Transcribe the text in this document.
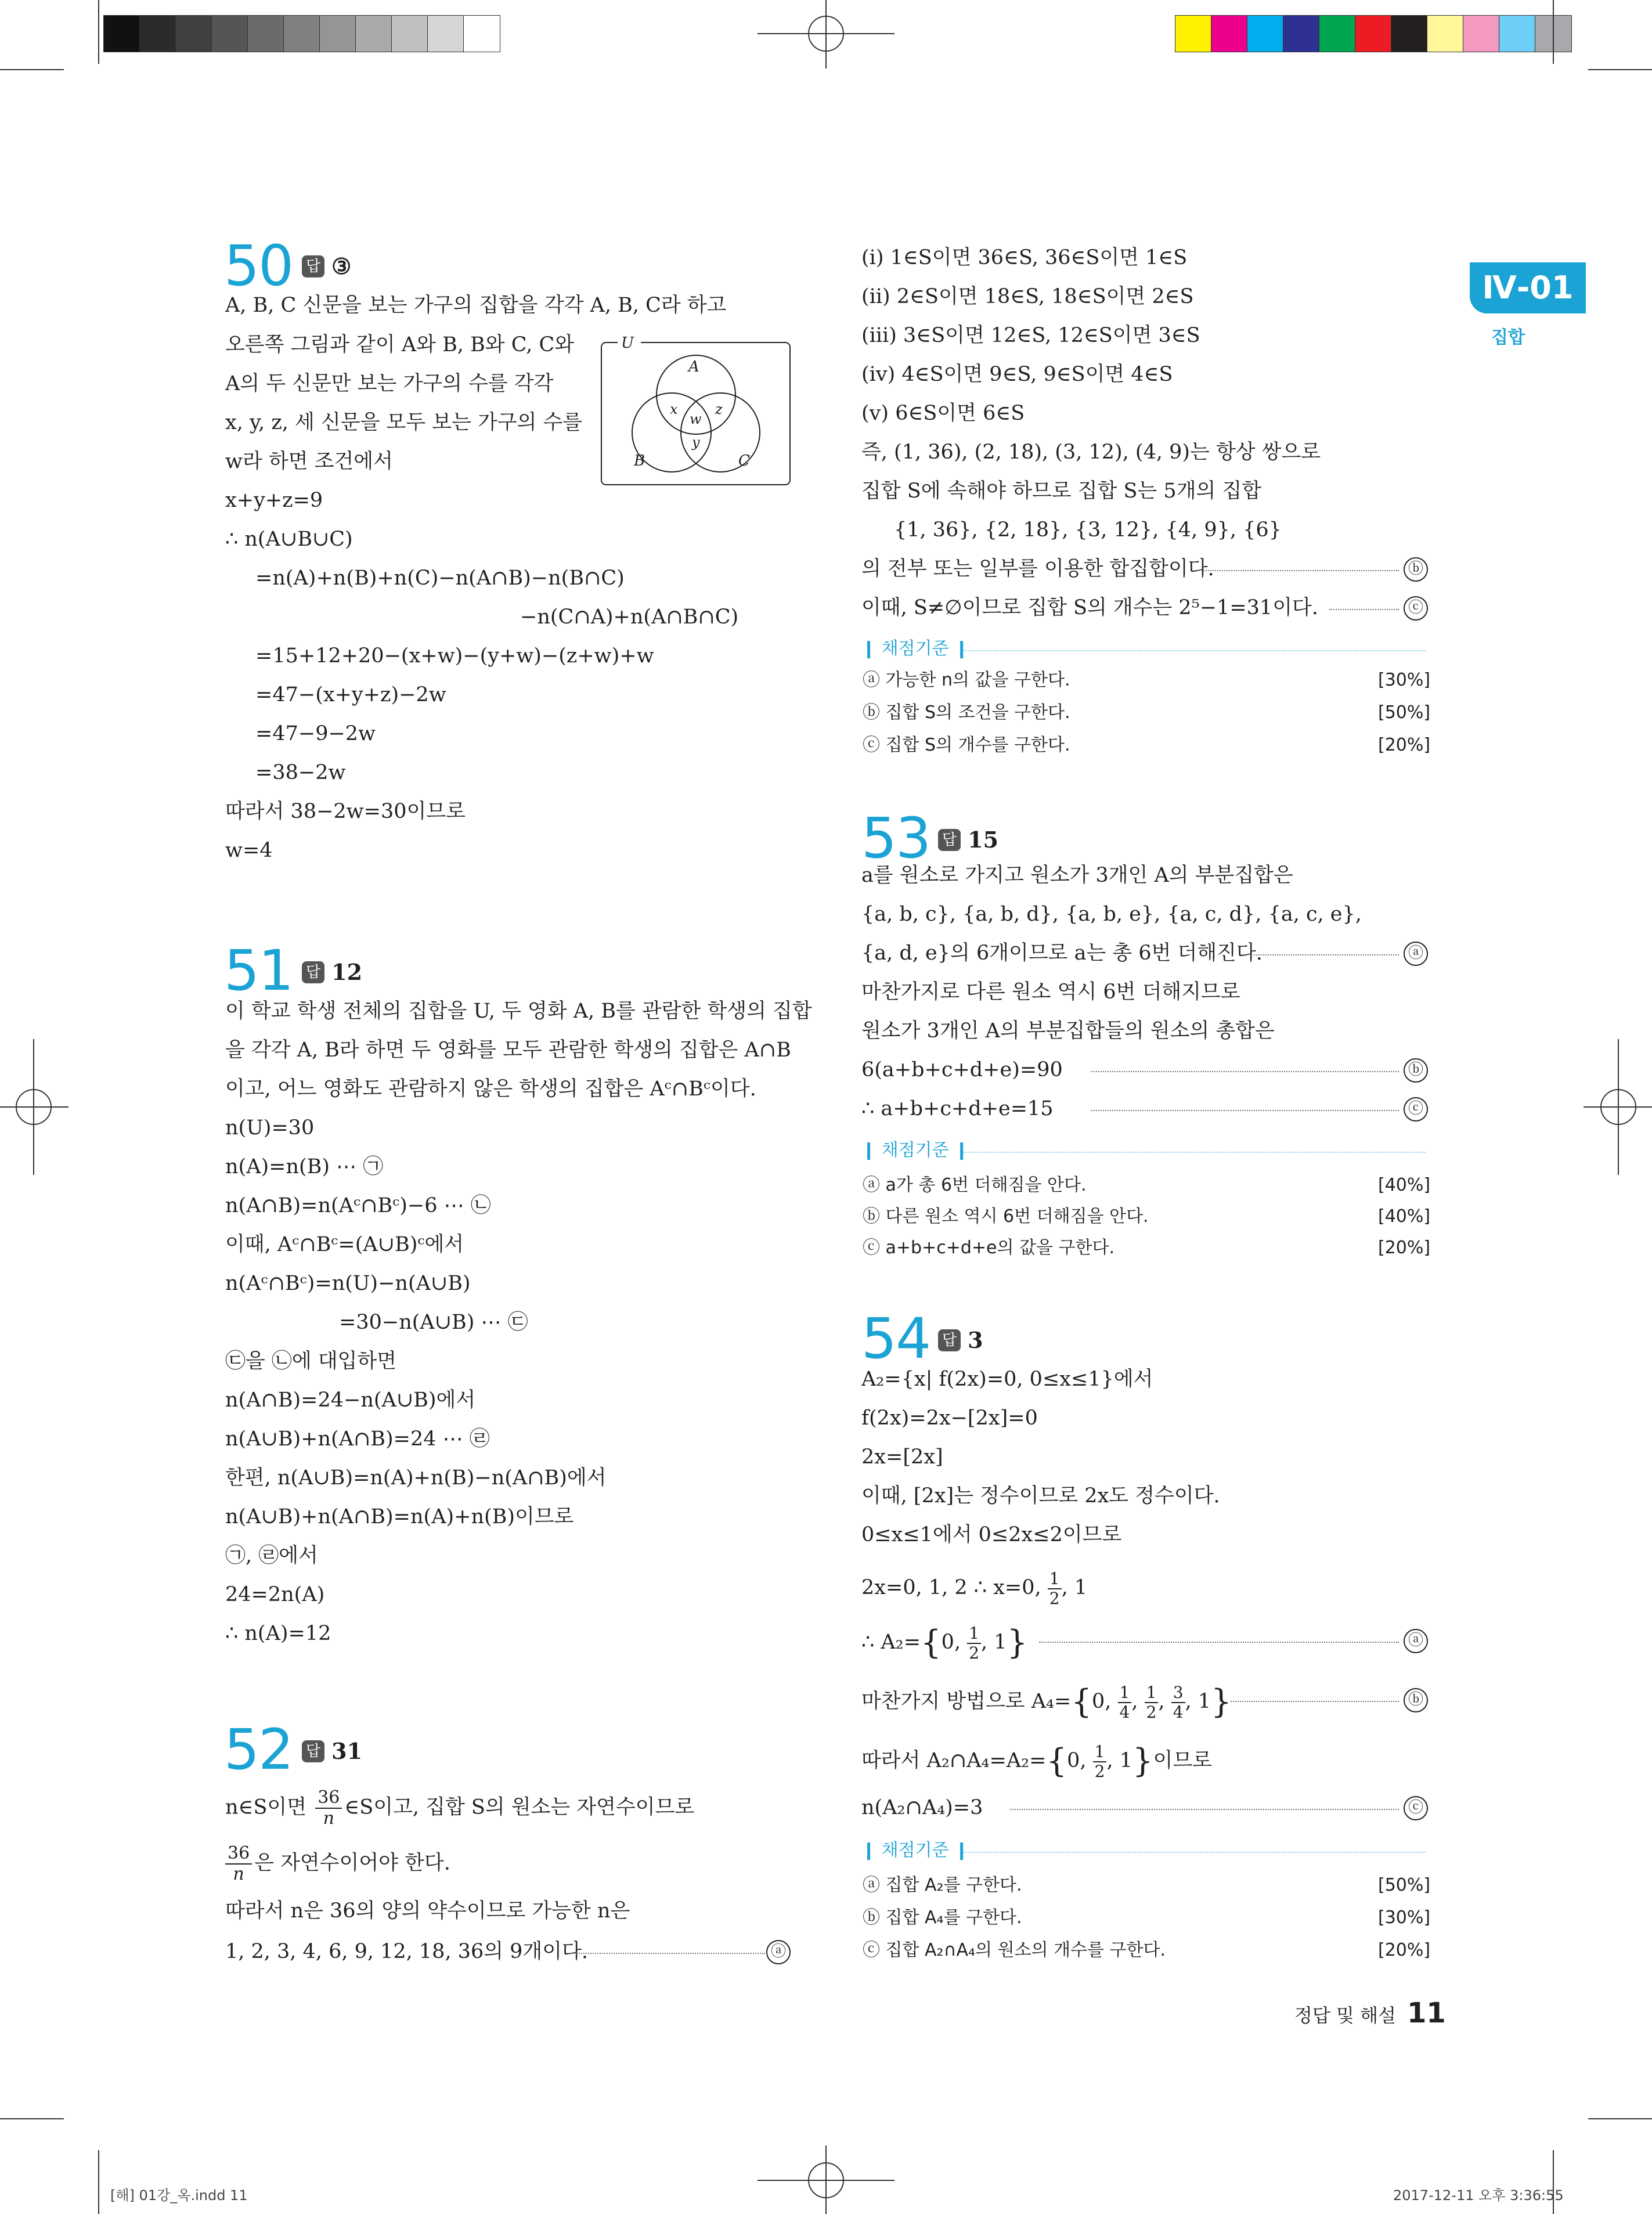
Ⅳ-01
집합
50 답 ③
A, B, C 신문을 보는 가구의 집합을 각각 A, B, C라 하고
오른쪽 그림과 같이 A와 B, B와 C, C와
A의 두 신문만 보는 가구의 수를 각각
x, y, z, 세 신문을 모두 보는 가구의 수를
w라 하면 조건에서
x+y+z=9
∴ n(A∪B∪C)
=n(A)+n(B)+n(C)−n(A∩B)−n(B∩C)
−n(C∩A)+n(A∩B∩C)
=15+12+20−(x+w)−(y+w)−(z+w)+w
=47−(x+y+z)−2w
=47−9−2w
=38−2w
따라서 38−2w=30이므로
w=4
U
A
B	C
x	z
w
y
51 답 12
이 학교 학생 전체의 집합을 U, 두 영화 A, B를 관람한 학생의 집합
을 각각 A, B라 하면 두 영화를 모두 관람한 학생의 집합은 A∩B
이고, 어느 영화도 관람하지 않은 학생의 집합은 Aᶜ∩Bᶜ이다.
n(U)=30
n(A)=n(B) ⋯ ㉠
n(A∩B)=n(Aᶜ∩Bᶜ)−6 ⋯ ㉡
이때, Aᶜ∩Bᶜ=(A∪B)ᶜ에서
n(Aᶜ∩Bᶜ)=n(U)−n(A∪B)
=30−n(A∪B) ⋯ ㉢
㉢을 ㉡에 대입하면
n(A∩B)=24−n(A∪B)에서
n(A∪B)+n(A∩B)=24 ⋯ ㉣
한편, n(A∪B)=n(A)+n(B)−n(A∩B)에서
n(A∪B)+n(A∩B)=n(A)+n(B)이므로
㉠, ㉣에서
24=2n(A)
∴ n(A)=12
52 답 31
n∈S이면 $\frac{36}{n}$ ∈S이고, 집합 S의 원소는 자연수이므로
$\frac{36}{n}$ 은 자연수이어야 한다.
따라서 n은 36의 양의 약수이므로 가능한 n은
1, 2, 3, 4, 6, 9, 12, 18, 36의 9개이다.	ⓐ
(ⅰ) 1∈S이면 36∈S, 36∈S이면 1∈S
(ⅱ) 2∈S이면 18∈S, 18∈S이면 2∈S
(ⅲ) 3∈S이면 12∈S, 12∈S이면 3∈S
(ⅳ) 4∈S이면 9∈S, 9∈S이면 4∈S
(ⅴ) 6∈S이면 6∈S
즉, (1, 36), (2, 18), (3, 12), (4, 9)는 항상 쌍으로
집합 S에 속해야 하므로 집합 S는 5개의 집합
{1, 36}, {2, 18}, {3, 12}, {4, 9}, {6}
의 전부 또는 일부를 이용한 합집합이다.	ⓑ
이때, S≠∅이므로 집합 S의 개수는 2⁵−1=31이다.	ⓒ
❙ 채점기준 ❙
ⓐ 가능한 n의 값을 구한다.	[30%]
ⓑ 집합 S의 조건을 구한다.	[50%]
ⓒ 집합 S의 개수를 구한다.	[20%]
53 답 15
a를 원소로 가지고 원소가 3개인 A의 부분집합은
{a, b, c}, {a, b, d}, {a, b, e}, {a, c, d}, {a, c, e},
{a, d, e}의 6개이므로 a는 총 6번 더해진다.	ⓐ
마찬가지로 다른 원소 역시 6번 더해지므로
원소가 3개인 A의 부분집합들의 원소의 총합은
6(a+b+c+d+e)=90	ⓑ
∴ a+b+c+d+e=15	ⓒ
❙ 채점기준 ❙
ⓐ a가 총 6번 더해짐을 안다.	[40%]
ⓑ 다른 원소 역시 6번 더해짐을 안다.	[40%]
ⓒ a+b+c+d+e의 값을 구한다.	[20%]
54 답 3
A₂={x| f(2x)=0, 0≤x≤1}에서
f(2x)=2x−[2x]=0
2x=[2x]
이때, [2x]는 정수이므로 2x도 정수이다.
0≤x≤1에서 0≤2x≤2이므로
2x=0, 1, 2 ∴ x=0, $\frac{1}{2}$ , 1
∴ A₂={0, $\frac{1}{2}$ , 1}	ⓐ
마찬가지 방법으로 A₄={0, $\frac{1}{4}$ , $\frac{1}{2}$ , $\frac{3}{4}$ , 1}	ⓑ
따라서 A₂∩A₄=A₂={0, $\frac{1}{2}$ , 1}이므로
n(A₂∩A₄)=3	ⓒ
❙ 채점기준 ❙
ⓐ 집합 A₂를 구한다.	[50%]
ⓑ 집합 A₄를 구한다.	[30%]
ⓒ 집합 A₂∩A₄의 원소의 개수를 구한다.	[20%]
정답 및 해설 11
[해] 01강_옥.indd 11	2017-12-11 오후 3:36:55
